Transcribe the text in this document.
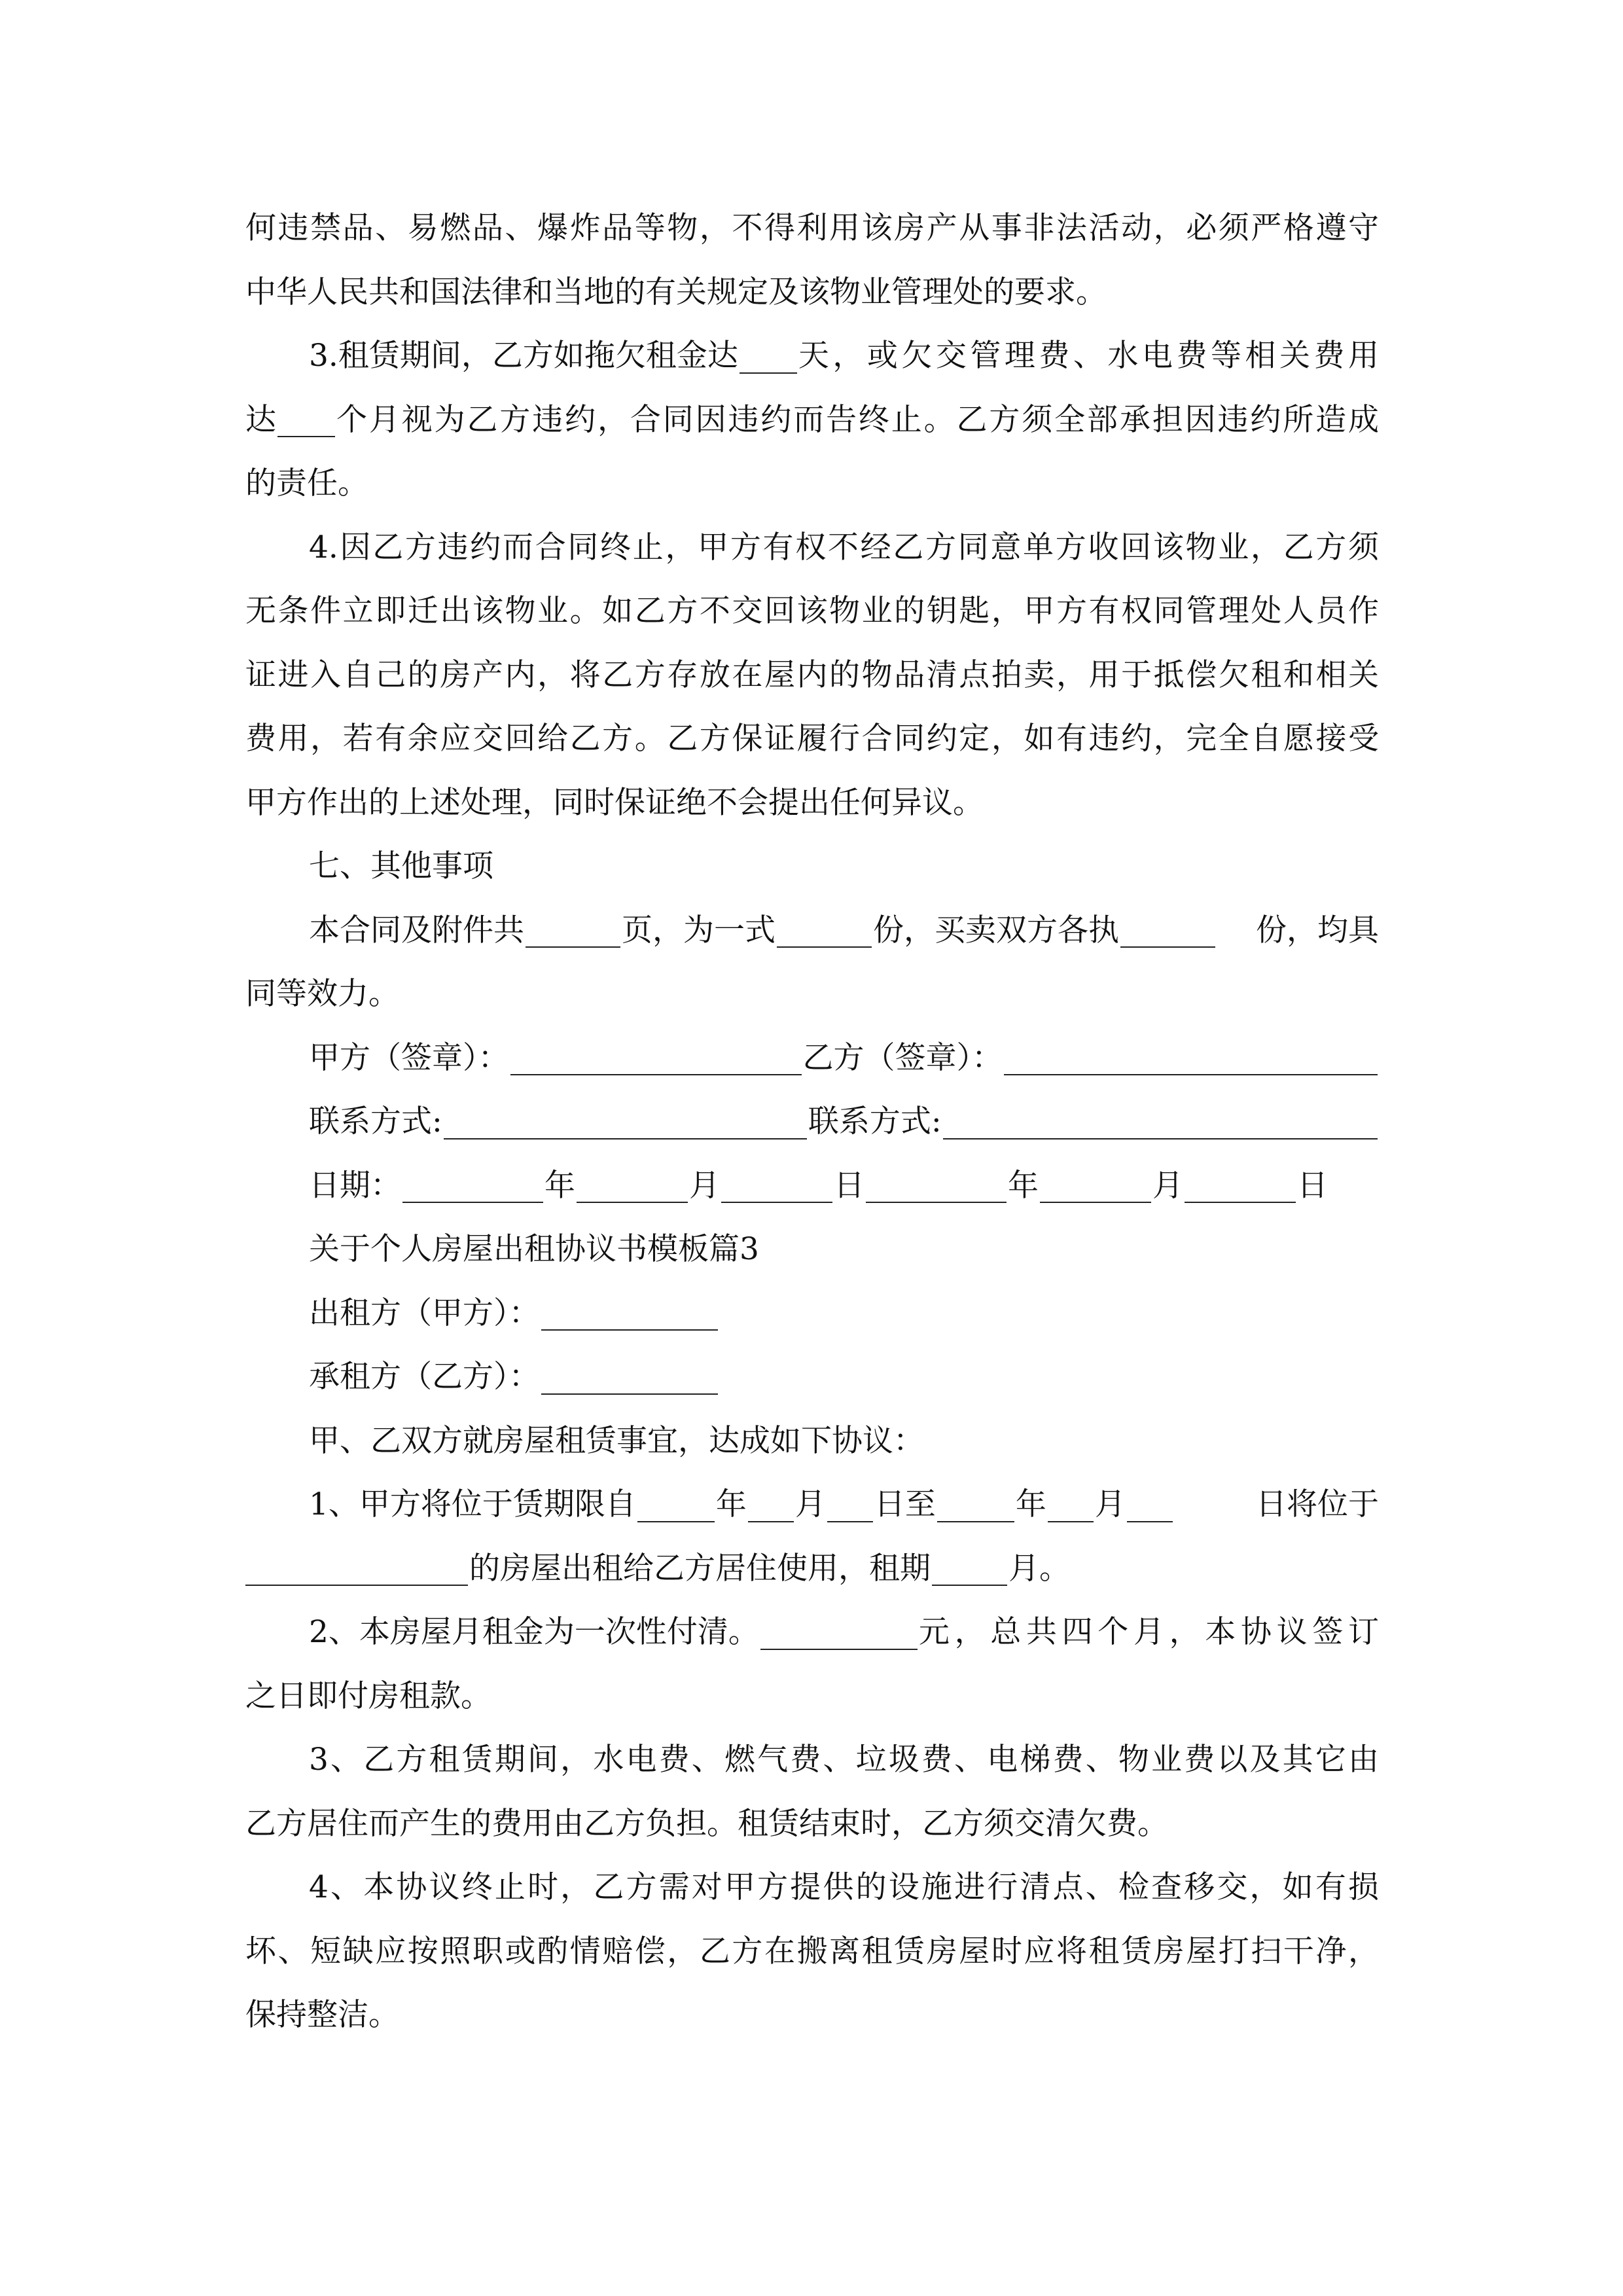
何违禁品、易燃品、爆炸品等物，不得利用该房产从事非法活动，必须严格遵守
中华人民共和国法律和当地的有关规定及该物业管理处的要求。
3.租赁期间，乙方如拖欠租金达 天，或欠交管理费、水电费等相关费用
达 个月视为乙方违约，合同因违约而告终止。乙方须全部承担因违约所造成
的责任。
4.因乙方违约而合同终止，甲方有权不经乙方同意单方收回该物业，乙方须
无条件立即迁出该物业。如乙方不交回该物业的钥匙，甲方有权同管理处人员作
证进入自己的房产内，将乙方存放在屋内的物品清点拍卖，用于抵偿欠租和相关
费用，若有余应交回给乙方。乙方保证履行合同约定，如有违约，完全自愿接受
甲方作出的上述处理，同时保证绝不会提出任何异议。
七、其他事项
本合同及附件共	页，为一式	份，买卖双方各执	份，均具
同等效力。
甲方（签章）：	乙方（签章）：
联系方式:	联系方式:
日期：	年	月	日	年	月	日
关于个人房屋出租协议书模板篇3
出租方（甲方）：
承租方（乙方）：
甲、乙双方就房屋租赁事宜，达成如下协议：
1、甲方将位于赁期限自	年 月 日至	年 月	日将位于
的房屋出租给乙方居住使用，租期	月。
2、本房屋月租金为一次性付清。	元，总共四个月，本协议签订
之日即付房租款。
3、乙方租赁期间，水电费、燃气费、垃圾费、电梯费、物业费以及其它由
乙方居住而产生的费用由乙方负担。租赁结束时，乙方须交清欠费。
4、本协议终止时，乙方需对甲方提供的设施进行清点、检查移交，如有损
坏、短缺应按照职或酌情赔偿，乙方在搬离租赁房屋时应将租赁房屋打扫干净，
保持整洁。
